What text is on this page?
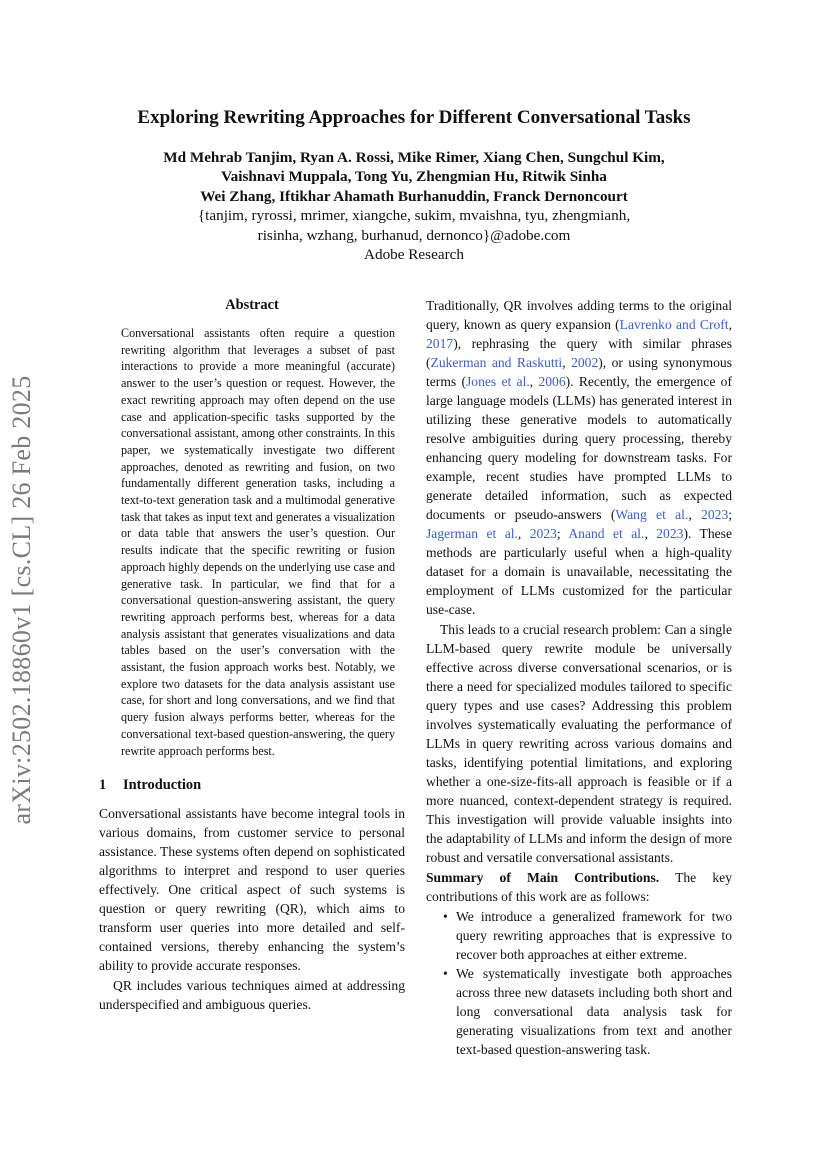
arXiv:2502.18860v1 [cs.CL] 26 Feb 2025
Exploring Rewriting Approaches for Different Conversational Tasks
Md Mehrab Tanjim, Ryan A. Rossi, Mike Rimer, Xiang Chen, Sungchul Kim,
Vaishnavi Muppala, Tong Yu, Zhengmian Hu, Ritwik Sinha
Wei Zhang, Iftikhar Ahamath Burhanuddin, Franck Dernoncourt
{tanjim, ryrossi, mrimer, xiangche, sukim, mvaishna, tyu, zhengmianh,
risinha, wzhang, burhanud, dernonco}@adobe.com
Adobe Research
Abstract

Conversational assistants often require a question rewriting algorithm that leverages a subset of past interactions to provide a more meaningful (accurate) answer to the user’s question or request. However, the exact rewriting approach may often depend on the use case and application-specific tasks supported by the conversational assistant, among other constraints. In this paper, we systematically investigate two different approaches, denoted as rewriting and fusion, on two fundamentally different generation tasks, including a text-to-text generation task and a multimodal generative task that takes as input text and generates a visualization or data table that answers the user’s question. Our results indicate that the specific rewriting or fusion approach highly depends on the underlying use case and generative task. In particular, we find that for a conversational question-answering assistant, the query rewriting approach performs best, whereas for a data analysis assistant that generates visualizations and data tables based on the user’s conversation with the assistant, the fusion approach works best. Notably, we explore two datasets for the data analysis assistant use case, for short and long conversations, and we find that query fusion always performs better, whereas for the conversational text-based question-answering, the query rewrite approach performs best.

1 Introduction

Conversational assistants have become integral tools in various domains, from customer service to personal assistance. These systems often depend on sophisticated algorithms to interpret and respond to user queries effectively. One critical aspect of such systems is question or query rewriting (QR), which aims to transform user queries into more detailed and self-contained versions, thereby enhancing the system’s ability to provide accurate responses.

QR includes various techniques aimed at addressing underspecified and ambiguous queries.

Traditionally, QR involves adding terms to the original query, known as query expansion (Lavrenko and Croft, 2017), rephrasing the query with similar phrases (Zukerman and Raskutti, 2002), or using synonymous terms (Jones et al., 2006). Recently, the emergence of large language models (LLMs) has generated interest in utilizing these generative models to automatically resolve ambiguities during query processing, thereby enhancing query modeling for downstream tasks. For example, recent studies have prompted LLMs to generate detailed information, such as expected documents or pseudo-answers (Wang et al., 2023; Jagerman et al., 2023; Anand et al., 2023). These methods are particularly useful when a high-quality dataset for a domain is unavailable, necessitating the employment of LLMs customized for the particular use-case.

This leads to a crucial research problem: Can a single LLM-based query rewrite module be universally effective across diverse conversational scenarios, or is there a need for specialized modules tailored to specific query types and use cases? Addressing this problem involves systematically evaluating the performance of LLMs in query rewriting across various domains and tasks, identifying potential limitations, and exploring whether a one-size-fits-all approach is feasible or if a more nuanced, context-dependent strategy is required. This investigation will provide valuable insights into the adaptability of LLMs and inform the design of more robust and versatile conversational assistants.

Summary of Main Contributions. The key contributions of this work are as follows:

• We introduce a generalized framework for two query rewriting approaches that is expressive to recover both approaches at either extreme.
• We systematically investigate both approaches across three new datasets including both short and long conversational data analysis task for generating visualizations from text and another text-based question-answering task.
